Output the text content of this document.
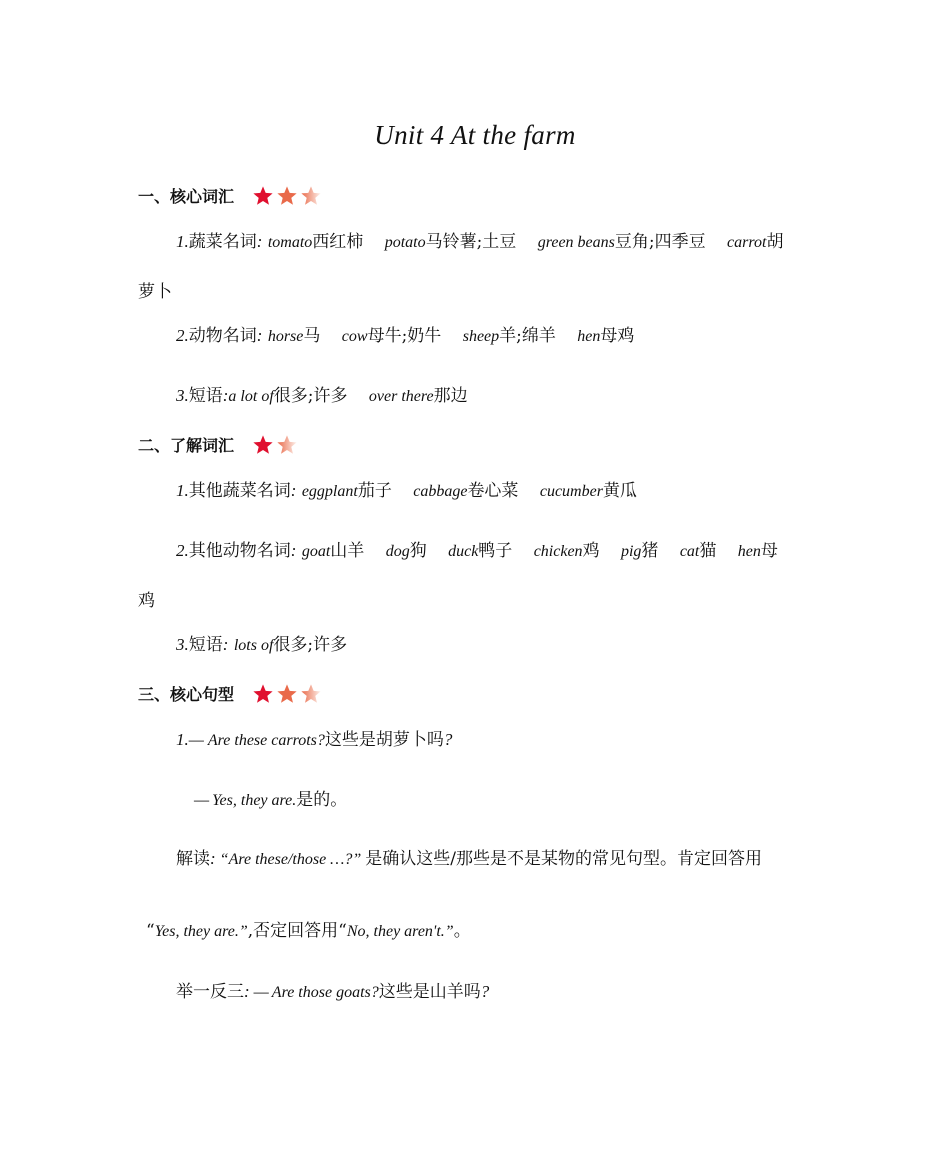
Unit 4 At the farm
一、核心词汇
1.蔬菜名词: tomato西红柿 potato马铃薯;土豆 green beans豆角;四季豆 carrot胡
萝卜
2.动物名词: horse马 cow母牛;奶牛 sheep羊;绵羊 hen母鸡
3.短语:a lot of很多;许多 over there那边
二、了解词汇
1.其他蔬菜名词: eggplant茄子 cabbage卷心菜 cucumber黄瓜
2.其他动物名词: goat山羊 dog狗 duck鸭子 chicken鸡 pig猪 cat猫 hen母
鸡
3.短语: lots of很多;许多
三、核心句型
1.— Are these carrots?这些是胡萝卜吗?
— Yes, they are.是的。
解读: “Are these/those …?” 是确认这些/那些是不是某物的常见句型。肯定回答用
“Yes, they are.”,否定回答用“No, they aren't.”。
举一反三: — Are those goats?这些是山羊吗?
